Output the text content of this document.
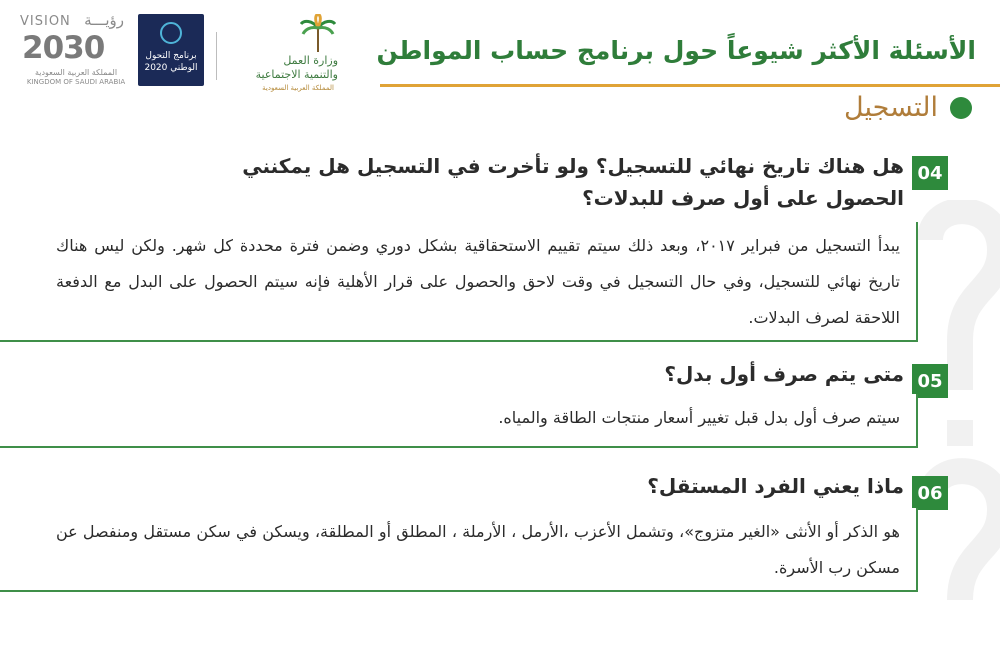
VISION رؤيـــة
2030
المملكة العربية السعودية
KINGDOM OF SAUDI ARABIA
برنامج التحول
الوطني 2020
وزارة العمل
والتنمية الاجتماعية
المملكة العربية السعودية
الأسئلة الأكثر شيوعاً حول برنامج حساب المواطن
التسجيل
04
هل هناك تاريخ نهائي للتسجيل؟ ولو تأخرت في التسجيل هل يمكنني
الحصول على أول صرف للبدلات؟
يبدأ التسجيل من فبراير ٢٠١٧، وبعد ذلك سيتم تقييم الاستحقاقية بشكل دوري وضمن فترة محددة كل شهر. ولكن ليس هناك تاريخ نهائي للتسجيل، وفي حال التسجيل في وقت لاحق والحصول على قرار الأهلية فإنه سيتم الحصول على البدل مع الدفعة اللاحقة لصرف البدلات.
05
متى يتم صرف أول بدل؟
سيتم صرف أول بدل قبل تغيير أسعار منتجات الطاقة والمياه.
06
ماذا يعني الفرد المستقل؟
هو الذكر أو الأنثى «الغير متزوج»، وتشمل الأعزب ،الأرمل ، الأرملة ، المطلق أو المطلقة، ويسكن في سكن مستقل ومنفصل عن مسكن رب الأسرة.
